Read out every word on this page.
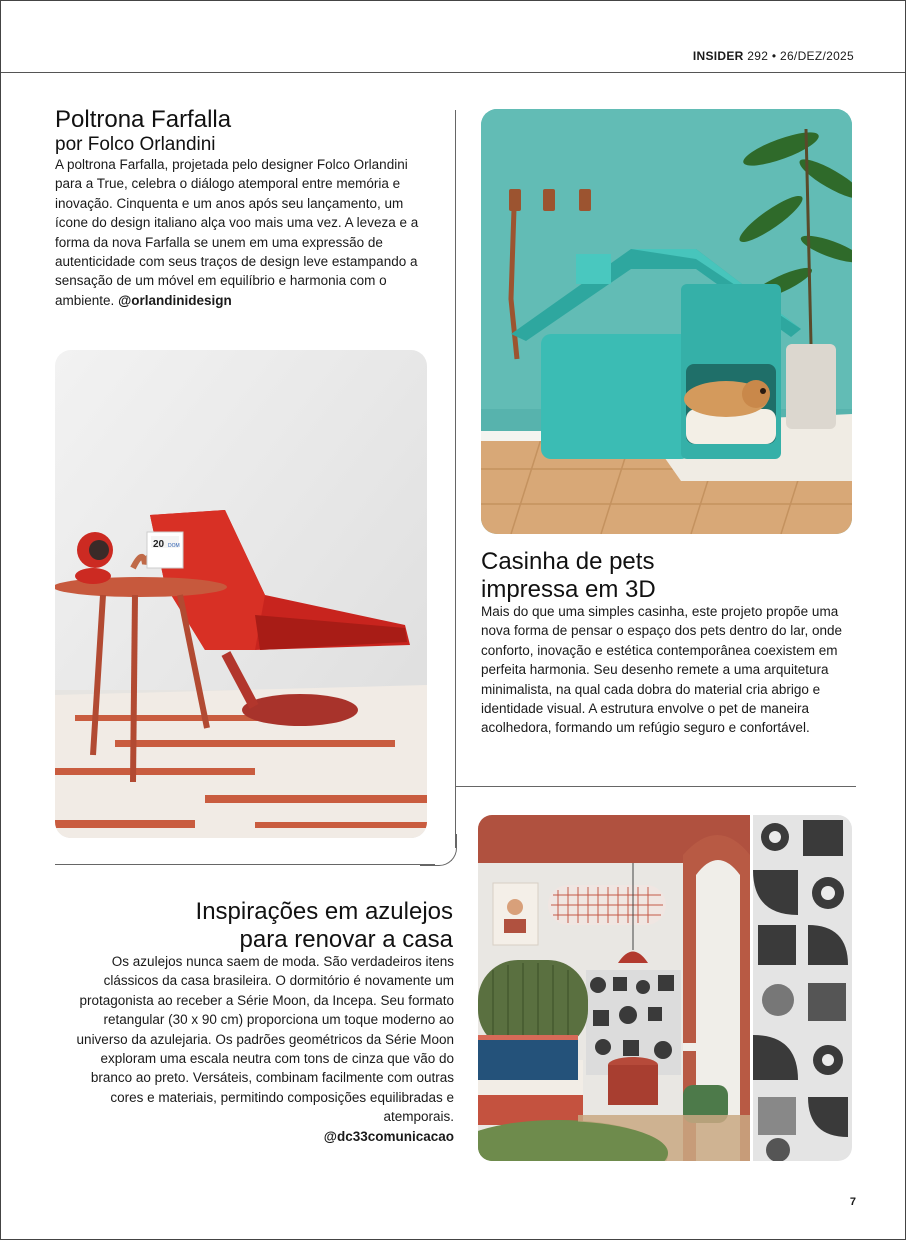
INSIDER 292 • 26/DEZ/2025
Poltrona Farfalla
por Folco Orlandini

A poltrona Farfalla, projetada pelo designer Folco Orlandini para a True, celebra o diálogo atemporal entre memória e inovação. Cinquenta e um anos após seu lançamento, um ícone do design italiano alça voo mais uma vez. A leveza e a forma da nova Farfalla se unem em uma expressão de autenticidade com seus traços de design leve estampando a sensação de um móvel em equilíbrio e harmonia com o ambiente. @orlandinidesign

20 DOM
Casinha de pets
impressa em 3D

Mais do que uma simples casinha, este projeto propõe uma nova forma de pensar o espaço dos pets dentro do lar, onde conforto, inovação e estética contemporânea coexistem em perfeita harmonia. Seu desenho remete a uma arquitetura minimalista, na qual cada dobra do material cria abrigo e identidade visual. A estrutura envolve o pet de maneira acolhedora, formando um refúgio seguro e confortável.

Inspirações em azulejos
para renovar a casa

Os azulejos nunca saem de moda. São verdadeiros itens clássicos da casa brasileira. O dormitório é novamente um protagonista ao receber a Série Moon, da Incepa. Seu formato retangular (30 x 90 cm) proporciona um toque moderno ao universo da azulejaria. Os padrões geométricos da Série Moon exploram uma escala neutra com tons de cinza que vão do branco ao preto. Versáteis, combinam facilmente com outras cores e materiais, permitindo composições equilibradas e atemporais.
@dc33comunicacao

7
